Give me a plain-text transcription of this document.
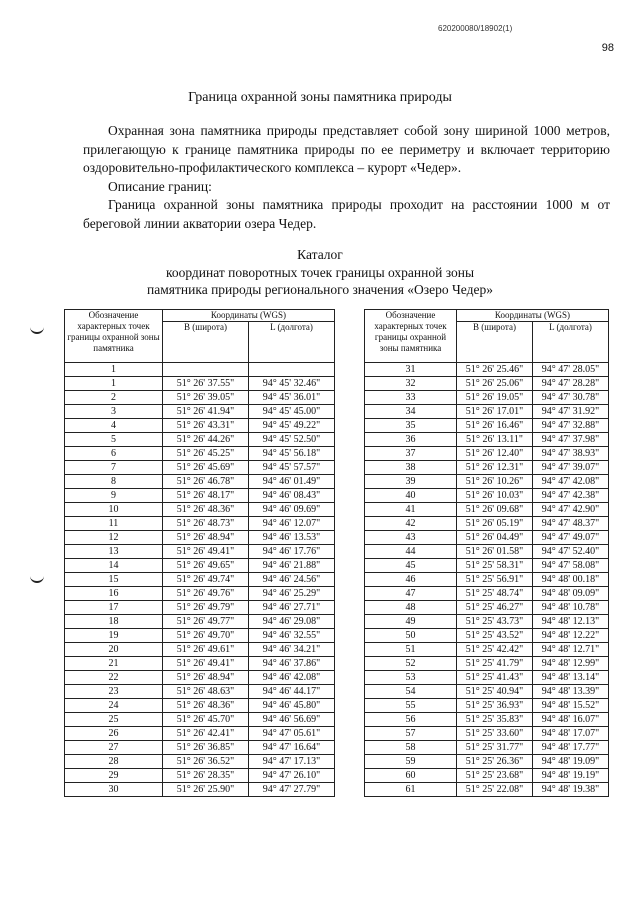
620200080/18902(1)
98
Граница охранной зоны памятника природы

Охранная зона памятника природы представляет собой зону шириной 1000 метров, прилегающую к границе памятника природы по ее периметру и включает территорию оздоровительно-профилактического комплекса – курорт «Чедер».

Описание границ:

Граница охранной зоны памятника природы проходит на расстоянии 1000 м от береговой линии акватории озера Чедер.

Каталог
координат поворотных точек границы охранной зоны
памятника природы регионального значения «Озеро Чедер»
Обозначение характерных точек границы охранной зоны памятника	Координаты (WGS)	
	B (широта)	L (долгота)
1		
1	51° 26' 37.55"	94° 45' 32.46"
2	51° 26' 39.05"	94° 45' 36.01"
3	51° 26' 41.94"	94° 45' 45.00"
4	51° 26' 43.31"	94° 45' 49.22"
5	51° 26' 44.26"	94° 45' 52.50"
6	51° 26' 45.25"	94° 45' 56.18"
7	51° 26' 45.69"	94° 45' 57.57"
8	51° 26' 46.78"	94° 46' 01.49"
9	51° 26' 48.17"	94° 46' 08.43"
10	51° 26' 48.36"	94° 46' 09.69"
11	51° 26' 48.73"	94° 46' 12.07"
12	51° 26' 48.94"	94° 46' 13.53"
13	51° 26' 49.41"	94° 46' 17.76"
14	51° 26' 49.65"	94° 46' 21.88"
15	51° 26' 49.74"	94° 46' 24.56"
16	51° 26' 49.76"	94° 46' 25.29"
17	51° 26' 49.79"	94° 46' 27.71"
18	51° 26' 49.77"	94° 46' 29.08"
19	51° 26' 49.70"	94° 46' 32.55"
20	51° 26' 49.61"	94° 46' 34.21"
21	51° 26' 49.41"	94° 46' 37.86"
22	51° 26' 48.94"	94° 46' 42.08"
23	51° 26' 48.63"	94° 46' 44.17"
24	51° 26' 48.36"	94° 46' 45.80"
25	51° 26' 45.70"	94° 46' 56.69"
26	51° 26' 42.41"	94° 47' 05.61"
27	51° 26' 36.85"	94° 47' 16.64"
28	51° 26' 36.52"	94° 47' 17.13"
29	51° 26' 28.35"	94° 47' 26.10"
30	51° 26' 25.90"	94° 47' 27.79"
Обозначение характерных точек границы охранной зоны памятника	Координаты (WGS)	
	B (широта)	L (долгота)
31	51° 26' 25.46"	94° 47' 28.05"
32	51° 26' 25.06"	94° 47' 28.28"
33	51° 26' 19.05"	94° 47' 30.78"
34	51° 26' 17.01"	94° 47' 31.92"
35	51° 26' 16.46"	94° 47' 32.88"
36	51° 26' 13.11"	94° 47' 37.98"
37	51° 26' 12.40"	94° 47' 38.93"
38	51° 26' 12.31"	94° 47' 39.07"
39	51° 26' 10.26"	94° 47' 42.08"
40	51° 26' 10.03"	94° 47' 42.38"
41	51° 26' 09.68"	94° 47' 42.90"
42	51° 26' 05.19"	94° 47' 48.37"
43	51° 26' 04.49"	94° 47' 49.07"
44	51° 26' 01.58"	94° 47' 52.40"
45	51° 25' 58.31"	94° 47' 58.08"
46	51° 25' 56.91"	94° 48' 00.18"
47	51° 25' 48.74"	94° 48' 09.09"
48	51° 25' 46.27"	94° 48' 10.78"
49	51° 25' 43.73"	94° 48' 12.13"
50	51° 25' 43.52"	94° 48' 12.22"
51	51° 25' 42.42"	94° 48' 12.71"
52	51° 25' 41.79"	94° 48' 12.99"
53	51° 25' 41.43"	94° 48' 13.14"
54	51° 25' 40.94"	94° 48' 13.39"
55	51° 25' 36.93"	94° 48' 15.52"
56	51° 25' 35.83"	94° 48' 16.07"
57	51° 25' 33.60"	94° 48' 17.07"
58	51° 25' 31.77"	94° 48' 17.77"
59	51° 25' 26.36"	94° 48' 19.09"
60	51° 25' 23.68"	94° 48' 19.19"
61	51° 25' 22.08"	94° 48' 19.38"
